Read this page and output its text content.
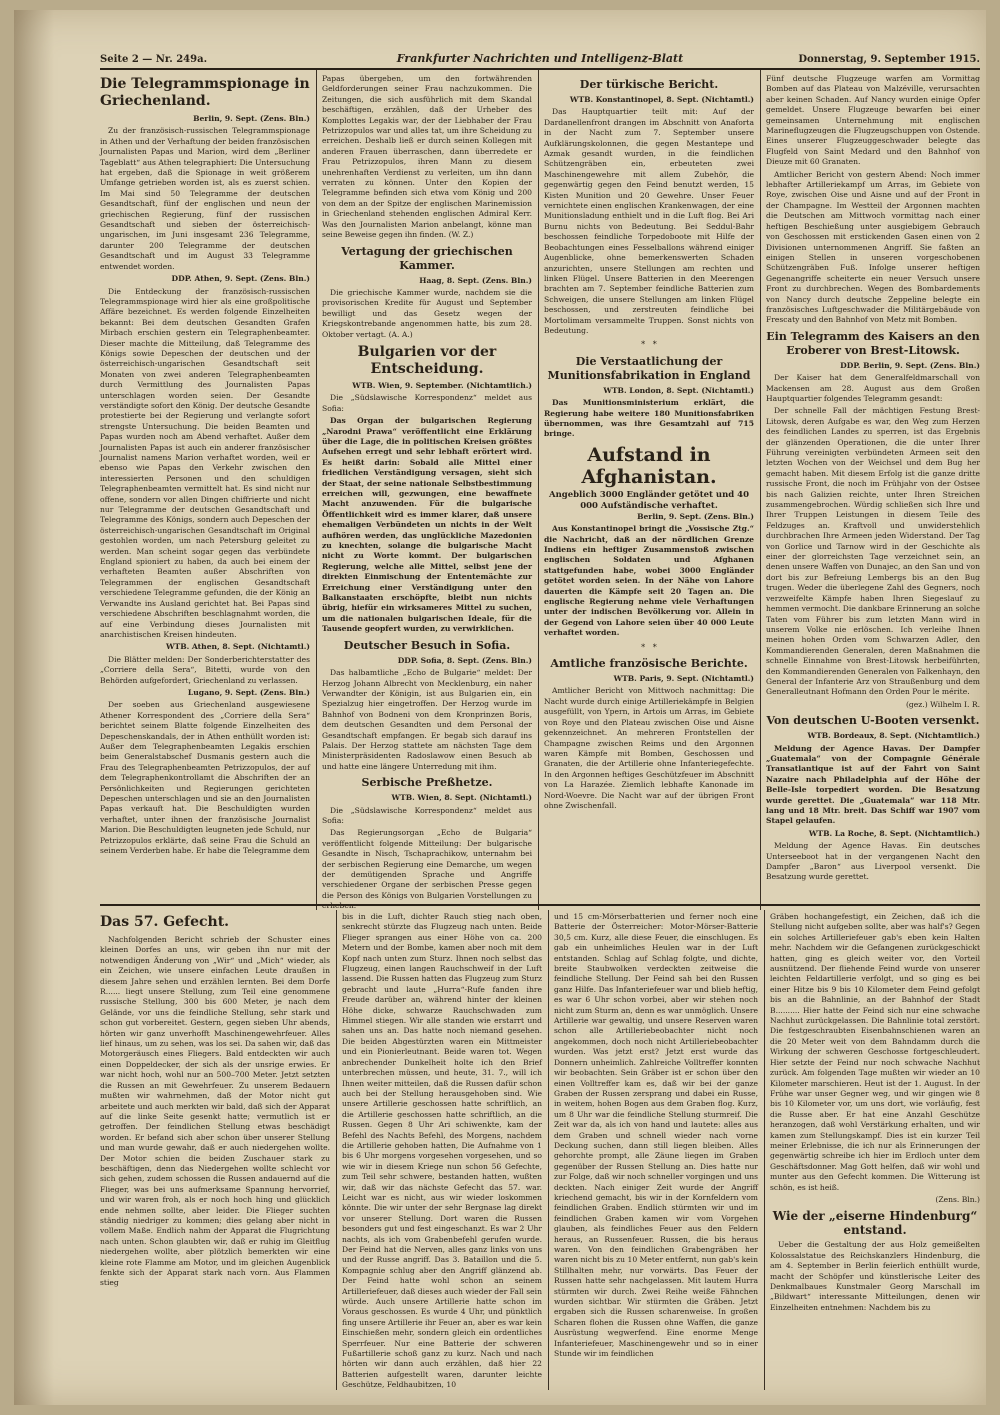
Seite 2 — Nr. 249a.	Frankfurter Nachrichten und Intelligenz-Blatt	Donnerstag, 9. September 1915.
Die Telegrammspionage in Griechenland.
Berlin, 9. Sept. (Zens. Bln.)

Zu der französisch-russischen Telegrammspionage in Athen und der Verhaftung der beiden französischen Journalisten Papas und Marion, wird dem „Berliner Tageblatt“ aus Athen telegraphiert: Die Untersuchung hat ergeben, daß die Spionage in weit größerem Umfange getrieben worden ist, als es zuerst schien. Im Mai sind 50 Telegramme der deutschen Gesandtschaft, fünf der englischen und neun der griechischen Regierung, fünf der russischen Gesandtschaft und sieben der österreichisch-ungarischen, im Juni insgesamt 236 Telegramme, darunter 200 Telegramme der deutschen Gesandtschaft und im August 33 Telegramme entwendet worden.

DDP. Athen, 9. Sept. (Zens. Bln.)

Die Entdeckung der französisch-russischen Telegrammspionage wird hier als eine großpolitische Affäre bezeichnet. Es werden folgende Einzelheiten bekannt: Bei dem deutschen Gesandten Grafen Mirbach erschien gestern ein Telegraphenbeamter. Dieser machte die Mitteilung, daß Telegramme des Königs sowie Depeschen der deutschen und der österreichisch-ungarischen Gesandtschaft seit Monaten von zwei anderen Telegraphenbeamten durch Vermittlung des Journalisten Papas unterschlagen worden seien. Der Gesandte verständigte sofort den König. Der deutsche Gesandte protestierte bei der Regierung und verlangte sofort strengste Untersuchung. Die beiden Beamten und Papas wurden noch am Abend verhaftet. Außer dem Journalisten Papas ist auch ein anderer französischer Journalist namens Marion verhaftet worden, weil er ebenso wie Papas den Verkehr zwischen den interessierten Personen und den schuldigen Telegraphenbeamten vermittelt hat. Es sind nicht nur offene, sondern vor allen Dingen chiffrierte und nicht nur Telegramme der deutschen Gesandtschaft und Telegramme des Königs, sondern auch Depeschen der österreichisch-ungarischen Gesandtschaft im Original gestohlen worden, um nach Petersburg geleitet zu werden. Man scheint sogar gegen das verbündete England spioniert zu haben, da auch bei einem der verhafteten Beamten außer Abschriften von Telegrammen der englischen Gesandtschaft verschiedene Telegramme gefunden, die der König an Verwandte ins Ausland gerichtet hat. Bei Papas sind verschiedene Abschriften beschlagnahmt worden, die auf eine Verbindung dieses Journalisten mit anarchistischen Kreisen hindeuten.

WTB. Athen, 8. Sept. (Nichtamtl.)

Die Blätter melden: Der Sonderberichterstatter des „Corriere della Sera“, Bitetti, wurde von den Behörden aufgefordert, Griechenland zu verlassen.

Lugano, 9. Sept. (Zens. Bln.)

Der soeben aus Griechenland ausgewiesene Athener Korrespondent des „Corriere della Sera“ berichtet seinem Blatte folgende Einzelheiten des Depeschenskandals, der in Athen enthüllt worden ist: Außer dem Telegraphenbeamten Legakis erschien beim Generalstabschef Dusmanis gestern auch die Frau des Telegraphenbeamten Petrizzopulos, der auf dem Telegraphenkontrollamt die Abschriften der an Persönlichkeiten und Regierungen gerichteten Depeschen unterschlagen und sie an den Journalisten Papas verkauft hat. Die Beschuldigten wurden verhaftet, unter ihnen der französische Journalist Marion. Die Beschuldigten leugneten jede Schuld, nur Petrizzopulos erklärte, daß seine Frau die Schuld an seinem Verderben habe. Er habe die Telegramme dem

Papas übergeben, um den fortwährenden Geldforderungen seiner Frau nachzukommen. Die Zeitungen, die sich ausführlich mit dem Skandal beschäftigen, erzählen, daß der Urheber des Komplottes Legakis war, der der Liebhaber der Frau Petrizzopulos war und alles tat, um ihre Scheidung zu erreichen. Deshalb ließ er durch seinen Kollegen mit anderen Frauen überraschen, dann überredete er Frau Petrizzopulos, ihren Mann zu diesem unehrenhaften Verdienst zu verleiten, um ihn dann verraten zu können. Unter den Kopien der Telegramme befinden sich etwa vom König und 200 von dem an der Spitze der englischen Marinemission in Griechenland stehenden englischen Admiral Kerr. Was den Journalisten Marion anbelangt, könne man seine Beweise gegen ihn finden. (W. Z.)

Vertagung der griechischen Kammer.
Haag, 8. Sept. (Zens. Bln.)

Die griechische Kammer wurde, nachdem sie die provisorischen Kredite für August und September bewilligt und das Gesetz wegen der Kriegskontrebande angenommen hatte, bis zum 28. Oktober vertagt. (A. A.)

Bulgarien vor der Entscheidung.
WTB. Wien, 9. September. (Nichtamtlich.)

Die „Südslawische Korrespondenz“ meldet aus Sofia:

Das Organ der bulgarischen Regierung „Narodni Prawa“ veröffentlicht eine Erklärung über die Lage, die in politischen Kreisen größtes Aufsehen erregt und sehr lebhaft erörtert wird. Es heißt darin: Sobald alle Mittel einer friedlichen Verständigung versagen, sieht sich der Staat, der seine nationale Selbstbestimmung erreichen will, gezwungen, eine bewaffnete Macht anzuwenden. Für die bulgarische Öffentlichkeit wird es immer klarer, daß unsere ehemaligen Verbündeten un nichts in der Welt aufhören werden, das unglückliche Mazedonien zu knechten, solange die bulgarische Macht nicht zu Worte kommt. Der bulgarischen Regierung, welche alle Mittel, selbst jene der direkten Einmischung der Ententemächte zur Erreichung einer Verständigung unter den Balkanstaaten erschöpfte, bleibt nun nichts übrig, hiefür ein wirksameres Mittel zu suchen, um die nationalen bulgarischen Ideale, für die Tausende geopfert wurden, zu verwirklichen.

Deutscher Besuch in Sofia.
DDP. Sofia, 8. Sept. (Zens. Bln.)

Das halbamtliche „Echo de Bulgarie“ meldet: Der Herzog Johann Albrecht von Mecklenburg, ein naher Verwandter der Königin, ist aus Bulgarien ein, ein Spezialzug hier eingetroffen. Der Herzog wurde im Bahnhof von Bodneni von dem Kronprinzen Boris, dem deutschen Gesandten und dem Personal der Gesandtschaft empfangen. Er begab sich darauf ins Palais. Der Herzog stattete am nächsten Tage dem Ministerpräsidenten Radoslawow einen Besuch ab und hatte eine längere Unterredung mit ihm.

Serbische Preßhetze.
WTB. Wien, 8. Sept. (Nichtamtl.)

Die „Südslawische Korrespondenz“ meldet aus Sofia:

Das Regierungsorgan „Echo de Bulgaria“ veröffentlicht folgende Mitteilung: Der bulgarische Gesandte in Nisch, Tschaprachikow, unternahm bei der serbischen Regierung eine Demarche, um wegen der demütigenden Sprache und Angriffe verschiedener Organe der serbischen Presse gegen die Person des Königs von Bulgarien Vorstellungen zu erheben.

Der türkische Bericht.
WTB. Konstantinopel, 8. Sept. (Nichtamtl.)

Das Hauptquartier teilt mit: Auf der Dardanellenfront drangen im Abschnitt von Anaforta in der Nacht zum 7. September unsere Aufklärungskolonnen, die gegen Mestantepe und Azmak gesandt wurden, in die feindlichen Schützengräben ein, erbeuteten zwei Maschinengewehre mit allem Zubehör, die gegenwärtig gegen den Feind benutzt werden, 15 Kisten Munition und 20 Gewehre. Unser Feuer vernichtete einen englischen Krankenwagen, der eine Munitionsladung enthielt und in die Luft flog. Bei Ari Burnu nichts von Bedeutung. Bei Seddul-Bahr beschossen feindliche Torpedoboote mit Hilfe der Beobachtungen eines Fesselballons während einiger Augenblicke, ohne bemerkenswerten Schaden anzurichten, unsere Stellungen am rechten und linken Flügel. Unsere Batterien in den Meerengen brachten am 7. September feindliche Batterien zum Schweigen, die unsere Stellungen am linken Flügel beschossen, und zerstreuten feindliche bei Mortolimam versammelte Truppen. Sonst nichts von Bedeutung.

*   *
Die Verstaatlichung der Munitionsfabrikation in England
WTB. London, 8. Sept. (Nichtamtl.)

Das Munitionsministerium erklärt, die Regierung habe weitere 180 Munitionsfabriken übernommen, was ihre Gesamtzahl auf 715 bringe.

Aufstand in Afghanistan.
Angeblich 3000 Engländer getötet und 40 000 Aufständische verhaftet.
Berlin, 9. Sept. (Zens. Bln.)

Aus Konstantinopel bringt die „Vossische Ztg.“ die Nachricht, daß an der nördlichen Grenze Indiens ein heftiger Zusammenstoß zwischen englischen Soldaten und Afghanen stattgefunden habe, wobei 3000 Engländer getötet worden seien. In der Nähe von Lahore dauerten die Kämpfe seit 20 Tagen an. Die englische Regierung nehme viele Verhaftungen unter der indischen Bevölkerung vor. Allein in der Gegend von Lahore seien über 40 000 Leute verhaftet worden.

*   *
Amtliche französische Berichte.
WTB. Paris, 9. Sept. (Nichtamtl.)

Amtlicher Bericht von Mittwoch nachmittag: Die Nacht wurde durch einige Artilleriekämpfe in Belgien ausgefüllt, von Ypern, in Artois um Arras, im Gebiete von Roye und den Plateau zwischen Oise und Aisne gekennzeichnet. An mehreren Frontstellen der Champagne zwischen Reims und den Argonnen waren Kämpfe mit Bomben, Geschossen und Granaten, die der Artillerie ohne Infanteriegefechte. In den Argonnen heftiges Geschützfeuer im Abschnitt von La Harazée. Ziemlich lebhafte Kanonade im Nord-Woevre. Die Nacht war auf der übrigen Front ohne Zwischenfall.

Fünf deutsche Flugzeuge warfen am Vormittag Bomben auf das Plateau von Malzéville, verursachten aber keinen Schaden. Auf Nancy wurden einige Opfer gemeldet. Unsere Flugzeuge bewarfen bei einer gemeinsamen Unternehmung mit englischen Marineflugzeugen die Flugzeugschuppen von Ostende. Eines unserer Flugzeuggeschwader belegte das Flugfeld von Saint Medard und den Bahnhof von Dieuze mit 60 Granaten.

Amtlicher Bericht von gestern Abend: Noch immer lebhafter Artilleriekampf um Arras, im Gebiete von Roye, zwischen Oise und Aisne und auf der Front in der Champagne. Im Westteil der Argonnen machten die Deutschen am Mittwoch vormittag nach einer heftigen Beschießung unter ausgiebigem Gebrauch von Geschossen mit erstickenden Gasen einen von 2 Divisionen unternommenen Angriff. Sie faßten an einigen Stellen in unseren vorgeschobenen Schützengräben Fuß. Infolge unserer heftigen Gegenangriffe scheiterte ein neuer Versuch unsere Front zu durchbrechen. Wegen des Bombardements von Nancy durch deutsche Zeppeline belegte ein französisches Luftgeschwader die Militärgebäude von Frescaty und den Bahnhof von Metz mit Bomben.

Ein Telegramm des Kaisers an den Eroberer von Brest-Litowsk.
DDP. Berlin, 9. Sept. (Zens. Bln.)

Der Kaiser hat dem Generalfeldmarschall von Mackensen am 28. August aus dem Großen Hauptquartier folgendes Telegramm gesandt:

Der schnelle Fall der mächtigen Festung Brest-Litowsk, deren Aufgabe es war, den Weg zum Herzen des feindlichen Landes zu sperren, ist das Ergebnis der glänzenden Operationen, die die unter Ihrer Führung vereinigten verbündeten Armeen seit den letzten Wochen von der Weichsel und dem Bug her gemacht haben. Mit diesem Erfolg ist die ganze dritte russische Front, die noch im Frühjahr von der Ostsee bis nach Galizien reichte, unter Ihren Streichen zusammengebrochen. Würdig schließen sich Ihre und Ihrer Truppen Leistungen in diesem Teile des Feldzuges an. Kraftvoll und unwiderstehlich durchbrachen Ihre Armeen jeden Widerstand. Der Tag von Gorlice und Tarnow wird in der Geschichte als einer der glorreichsten Tage verzeichnet sein, an denen unsere Waffen von Dunajec, an den San und von dort bis zur Befreiung Lembergs bis an den Bug trugen. Weder die überlegene Zahl des Gegners, noch verzweifelte Kämpfe haben Ihren Siegeslauf zu hemmen vermocht. Die dankbare Erinnerung an solche Taten vom Führer bis zum letzten Mann wird in unserem Volke nie erlöschen. Ich verleihe Ihnen meinen hohen Orden vom Schwarzen Adler, den Kommandierenden Generalen, deren Maßnahmen die schnelle Einnahme von Brest-Litowsk herbeiführten, den Kommandierenden Generalen von Falkenhayn, den General der Infanterie Arz von Straußenburg und dem Generalleutnant Hofmann den Orden Pour le mérite.

(gez.) Wilhelm I. R.

Von deutschen U-Booten versenkt.
WTB. Bordeaux, 8. Sept. (Nichtamtlich.)

Meldung der Agence Havas. Der Dampfer „Guatemala“ von der Compagnie Générale Transatlantique ist auf der Fahrt von Saint Nazaire nach Philadelphia auf der Höhe der Belle-Isle torpediert worden. Die Besatzung wurde gerettet. Die „Guatemala“ war 118 Mtr. lang und 18 Mtr. breit. Das Schiff war 1907 vom Stapel gelaufen.

WTB. La Roche, 8. Sept. (Nichtamtlich.)

Meldung der Agence Havas. Ein deutsches Unterseeboot hat in der vergangenen Nacht den Dampfer „Baron“ aus Liverpool versenkt. Die Besatzung wurde gerettet.

Das 57. Gefecht.

Nachfolgenden Bericht schrieb der Schuster eines kleinen Dorfes an uns, wir geben ihn nur mit der notwendigen Änderung von „Wir“ und „Mich“ wieder, als ein Zeichen, wie unsere einfachen Leute draußen in diesem Jahre sehen und erzählen lernten. Bei dem Dorfe R...... liegt unsere Stellung, zum Teil eine genommene russische Stellung, 300 bis 600 Meter, je nach dem Gelände, vor uns die feindliche Stellung, sehr stark und schon gut vorbereitet. Gestern, gegen sieben Uhr abends, hörten wir ganz unverhofft Maschinengewehrfeuer. Alles lief hinaus, um zu sehen, was los sei. Da sahen wir, daß das Motorgeräusch eines Fliegers. Bald entdeckten wir auch einen Doppeldecker, der sich als der unsrige erwies. Er war nicht hoch, wohl nur an 500–700 Meter. Jetzt setzten die Russen an mit Gewehrfeuer. Zu unserem Bedauern mußten wir wahrnehmen, daß der Motor nicht gut arbeitete und auch merkten wir bald, daß sich der Apparat auf die linke Seite gesenkt hatte; vermutlich ist er getroffen. Der feindlichen Stellung etwas beschädigt worden. Er befand sich aber schon über unserer Stellung und man wurde gewahr, daß er auch niedergehen wollte. Der Motor schien die beiden Zuschauer stark zu beschäftigen, denn das Niedergehen wollte schlecht vor sich gehen, zudem schossen die Russen andauernd auf die Flieger, was bei uns aufmerksame Spannung hervorrief, und wir waren froh, als er noch hoch hing und glücklich ende nehmen sollte, aber leider. Die Flieger suchten ständig niedriger zu kommen; dies gelang aber nicht in vollem Maße. Endlich nahm der Apparat die Flugrichtung nach unten. Schon glaubten wir, daß er ruhig im Gleitflug niedergehen wollte, aber plötzlich bemerkten wir eine kleine rote Flamme am Motor, und im gleichen Augenblick fenkte sich der Apparat stark nach vorn. Aus Flammen stieg

bis in die Luft, dichter Rauch stieg nach oben, senkrecht stürzte das Flugzeug nach unten. Beide Flieger sprangen aus einer Höhe von ca. 200 Metern und der Bombe, kamen aber noch mit dem Kopf nach unten zum Sturz. Ihnen noch selbst das Flugzeug, einen langen Rauchschweif in der Luft lassend. Die Russen hatten das Flugzeug zum Sturz gebracht und laute „Hurra“-Rufe fanden ihre Freude darüber an, während hinter der kleinen Höhe dicke, schwarze Rauchschwaden zum Himmel stiegen. Wir alle standen wie erstarrt und sahen uns an. Das hatte noch niemand gesehen. Die beiden Abgestürzten waren ein Mittmeister und ein Pionierleutnant. Beide waren tot. Wegen anbrechender Dunkelheit holte ich den Brief unterbrechen müssen, und heute, 31. 7., will ich Ihnen weiter mitteilen, daß die Russen dafür schon auch bei der Stellung herausgehoben sind. Wie unsere Artillerie geschossen hatte schriftlich, an die Artillerie geschossen hatte schriftlich, an die Russen. Gegen 8 Uhr Ari schiwenkte, kam der Befehl des Nachts Befehl, des Morgens, nachdem die Artillerie gehoben hatten, Die Aufnahme von 1 bis 6 Uhr morgens vorgesehen vorgesehen, und so wie wir in diesem Kriege nun schon 56 Gefechte, zum Teil sehr schwere, bestanden hatten, wußten wir, daß wir das nächste Gefecht das 57. war. Leicht war es nicht, aus wir wieder loskommen könnte. Die wir unter der sehr Bergnase lag direkt vor unserer Stellung. Dort waren die Russen besonders gut und fest eingeschanzt. Es war 2 Uhr nachts, als ich vom Grabenbefehl gerufen wurde. Der Feind hat die Nerven, alles ganz links von uns und der Russe angriff. Das 3. Bataillon und die 5. Kompagnie schlug aber den Angriff glänzend ab. Der Feind hatte wohl schon an seinem Artilleriefeuer, daß dieses auch wieder der Fall sein würde. Auch unsere Artillerie hatte schon im Voraus geschossen. Es wurde 4 Uhr, und pünktlich fing unsere Artillerie ihr Feuer an, aber es war kein Einschießen mehr, sondern gleich ein ordentliches Sperrfeuer. Nur eine Batterie der schweren Fußartillerie schoß ganz zu kurz. Nach und nach hörten wir dann auch erzählen, daß hier 22 Batterien aufgestellt waren, darunter leichte Geschütze, Feldhaubitzen, 10

und 15 cm-Mörserbatterien und ferner noch eine Batterie der Österreicher: Motor-Mörser-Batterie 30,5 cm. Kurz, alle diese Feuer, die einschlugen. Es gab ein unheimliches Heulen war in der Luft entstanden. Schlag auf Schlag folgte, und dichte, breite Staubwolken verdeckten zeitweise die feindliche Stellung. Der Feind sah bei den Russen ganz Hilfe. Das Infanteriefeuer war und blieb heftig, es war 6 Uhr schon vorbei, aber wir stehen noch nicht zum Sturm an, denn es war unmöglich. Unsere Artillerie war gewaltig, und unsere Reserven waren schon alle Artilleriebeobachter nicht noch angekommen, doch noch nicht Artilleriebeobachter wurden. Was jetzt erst? Jetzt erst wurde das Donnern unheimlich. Zahlreiche Volltreffer konnten wir beobachten. Sein Gräber ist er schon über den einen Volltreffer kam es, daß wir bei der ganze Graben der Russen zersprang und dabei ein Russe, in weitem, hohen Bogen aus dem Graben flog. Kurz, um 8 Uhr war die feindliche Stellung sturmreif. Die Zeit war da, als ich von hand und lautete: alles aus dem Graben und schnell wieder nach vorne Deckung suchen, dann still liegen bleiben. Alles gehorchte prompt, alle Zäune liegen im Graben gegenüber der Russen Stellung an. Dies hatte nur zur Folge, daß wir noch schneller vorgingen und uns deckten. Nach einiger Zeit wurde der Angriff kriechend gemacht, bis wir in der Kornfeldern vom feindlichen Graben. Endlich stürmten wir und im feindlichen Graben kamen wir vom Vorgehen glauben, als feindliches Feuer aus den Feldern heraus, an Russenfeuer. Russen, die bis heraus waren. Von den feindlichen Grabengräben her waren nicht bis zu 10 Meter entfernt, nun gab's kein Stillhalten mehr, nur vorwärts. Das Feuer der Russen hatte sehr nachgelassen. Mit lautem Hurra stürmten wir durch. Zwei Reihe weiße Fähnchen wurden sichtbar. Wir stürmten die Gräben. Jetzt ergaben sich die Russen scharenweise. In großen Scharen flohen die Russen ohne Waffen, die ganze Ausrüstung wegwerfend. Eine enorme Menge Infanteriefeuer, Maschinengewehr und so in einer Stunde wir im feindlichen

Gräben hochangefestigt, ein Zeichen, daß ich die Stellung nicht aufgeben sollte, aber was half's? Gegen ein solches Artilleriefeuer gab's eben kein Halten mehr. Nachdem wir die Gefangenen zurückgeschickt hatten, ging es gleich weiter vor, den Vorteil ausnützend. Der fliehende Feind wurde von unserer leichten Feldartillerie verfolgt, und so ging es bei einer Hitze bis 9 bis 10 Kilometer dem Feind gefolgt bis an die Bahnlinie, an der Bahnhof der Stadt B.......... Hier hatte der Feind sich nur eine schwache Nachhut zurückgelassen. Die Bahnlinie total zerstört. Die festgeschraubten Eisenbahnschienen waren an die 20 Meter weit von dem Bahndamm durch die Wirkung der schweren Geschosse fortgeschleudert. Hier setzte der Feind nur noch schwache Nachhut zurück. Am folgenden Tage mußten wir wieder an 10 Kilometer marschieren. Heut ist der 1. August. In der Frühe war unser Gegner weg, und wir gingen wie 8 bis 10 Kilometer vor, um uns dort, wie vorläufig, fest die Russe aber. Er hat eine Anzahl Geschütze heranzogen, daß wohl Verstärkung erhalten, und wir kamen zum Stellungskampf. Dies ist ein kurzer Teil meiner Erlebnisse, die ich nur als Erinnerungen der gegenwärtig schreibe ich hier im Erdloch unter dem Geschäftsdonner. Mag Gott helfen, daß wir wohl und munter aus den Gefecht kommen. Die Witterung ist schön, es ist heiß.

(Zens. Bln.)

Wie der „eiserne Hindenburg“ entstand.

Ueber die Gestaltung der aus Holz gemeißelten Kolossalstatue des Reichskanzlers Hindenburg, die am 4. September in Berlin feierlich enthüllt wurde, macht der Schöpfer und künstlerische Leiter des Denkmalbaues Kunstmaler Georg Marschall im „Bildwart“ interessante Mitteilungen, denen wir Einzelheiten entnehmen: Nachdem bis zu
